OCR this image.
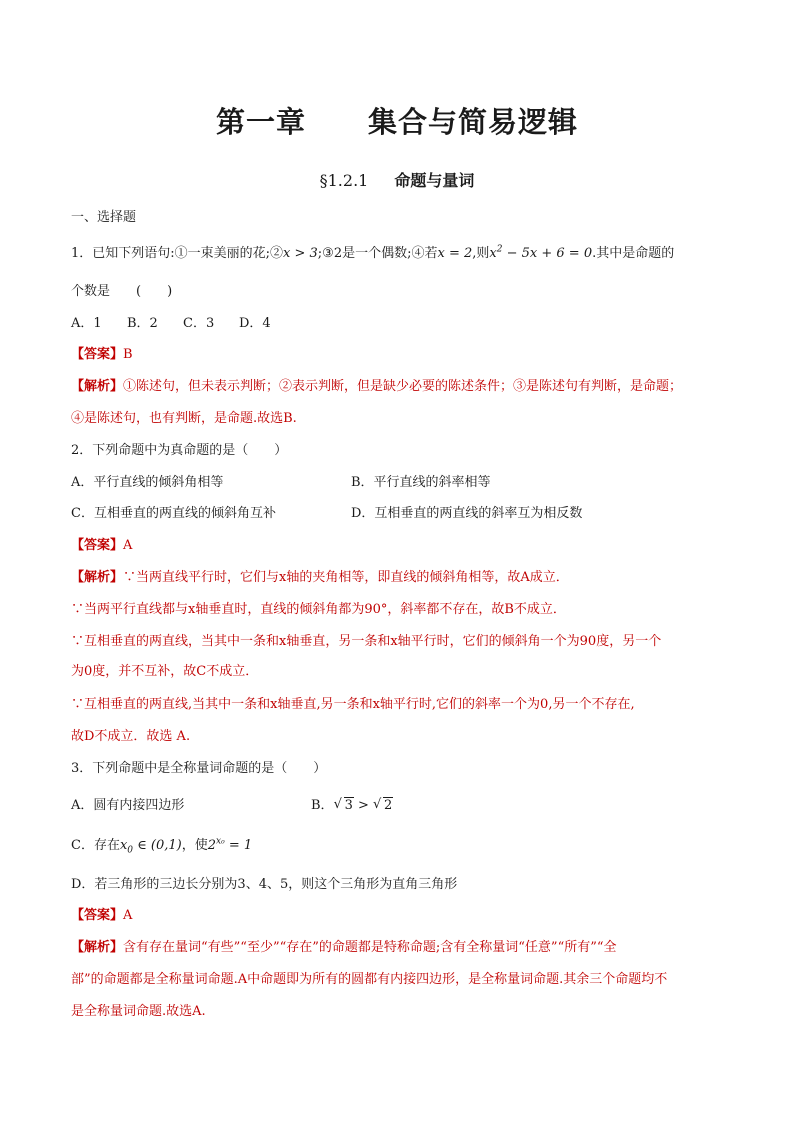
第一章 集合与简易逻辑
§1.2.1 命题与量词
一、选择题
1．已知下列语句:①一束美丽的花;②x > 3;③2是一个偶数;④若x = 2,则$x^2 - 5x + 6 = 0$.其中是命题的
个数是　　(　　)
A．1 B．2 C．3 D．4
【答案】B
【解析】①陈述句，但未表示判断；②表示判断，但是缺少必要的陈述条件；③是陈述句有判断，是命题；
④是陈述句，也有判断，是命题.故选B.
2．下列命题中为真命题的是（　　）
A．平行直线的倾斜角相等	B．平行直线的斜率相等
C．互相垂直的两直线的倾斜角互补	D．互相垂直的两直线的斜率互为相反数
【答案】A
【解析】∵当两直线平行时，它们与x轴的夹角相等，即直线的倾斜角相等，故A成立．
∵当两平行直线都与x轴垂直时，直线的倾斜角都为90°，斜率都不存在，故B不成立．
∵互相垂直的两直线，当其中一条和x轴垂直，另一条和x轴平行时，它们的倾斜角一个为90度，另一个
为0度，并不互补，故C不成立．
∵互相垂直的两直线,当其中一条和x轴垂直,另一条和x轴平行时,它们的斜率一个为0,另一个不存在,
故D不成立．故选 A.
3．下列命题中是全称量词命题的是（　　）
A．圆有内接四边形	B．√ 3 > √ 2
C．存在$x_0$ ∈ (0,1)，使$2^{x_0} = 1$
D．若三角形的三边长分别为3、4、5，则这个三角形为直角三角形
【答案】A
【解析】含有存在量词“有些”“至少”“存在”的命题都是特称命题;含有全称量词“任意”“所有”“全
部”的命题都是全称量词命题.A中命题即为所有的圆都有内接四边形，是全称量词命题.其余三个命题均不
是全称量词命题.故选A.
